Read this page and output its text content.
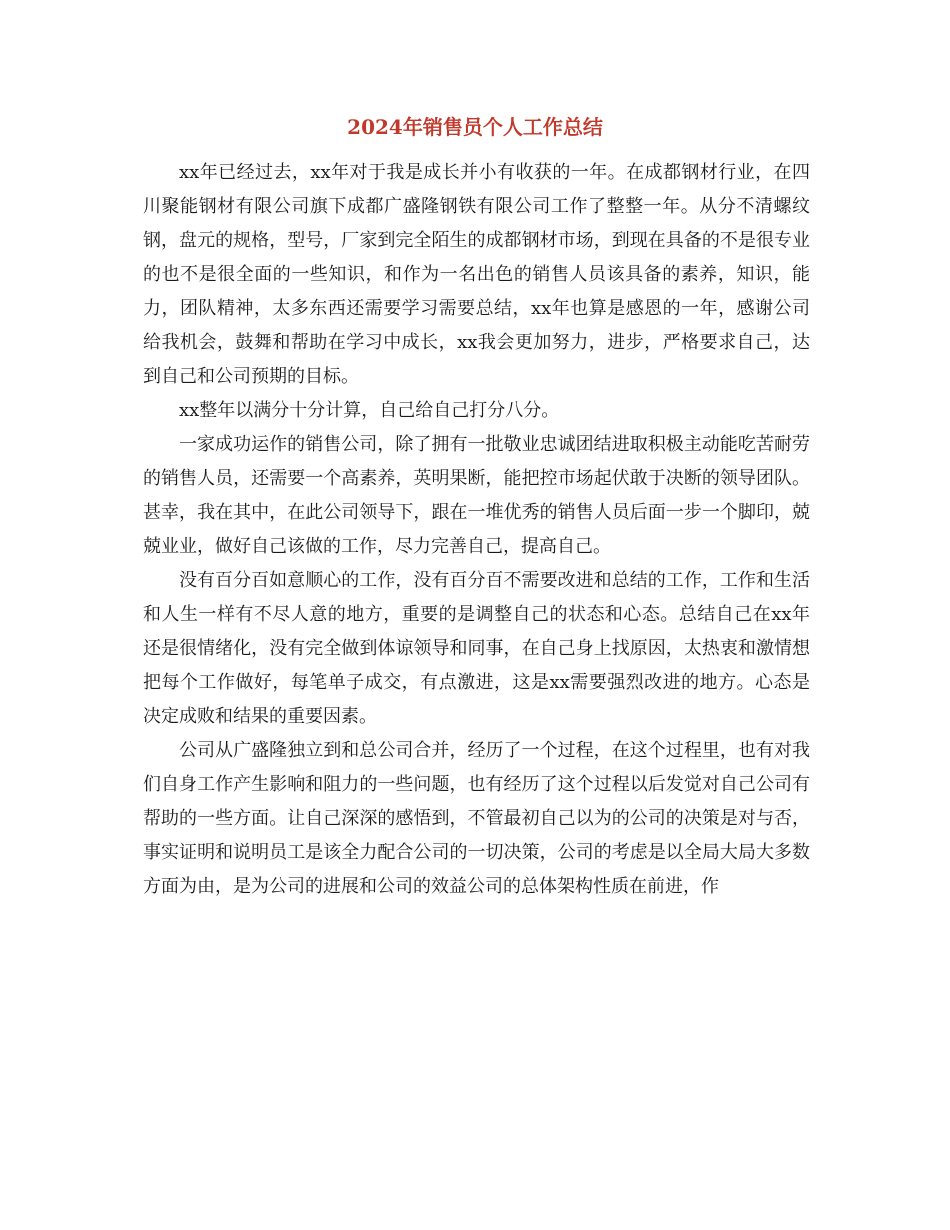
2024年销售员个人工作总结

xx年已经过去，xx年对于我是成长并小有收获的一年。在成都钢材行业，在四川聚能钢材有限公司旗下成都广盛隆钢铁有限公司工作了整整一年。从分不清螺纹钢，盘元的规格，型号，厂家到完全陌生的成都钢材市场，到现在具备的不是很专业的也不是很全面的一些知识，和作为一名出色的销售人员该具备的素养，知识，能力，团队精神，太多东西还需要学习需要总结，xx年也算是感恩的一年，感谢公司给我机会，鼓舞和帮助在学习中成长，xx我会更加努力，进步，严格要求自己，达到自己和公司预期的目标。

xx整年以满分十分计算，自己给自己打分八分。

一家成功运作的销售公司，除了拥有一批敬业忠诚团结进取积极主动能吃苦耐劳的销售人员，还需要一个高素养，英明果断，能把控市场起伏敢于决断的领导团队。甚幸，我在其中，在此公司领导下，跟在一堆优秀的销售人员后面一步一个脚印，兢兢业业，做好自己该做的工作，尽力完善自己，提高自己。

没有百分百如意顺心的工作，没有百分百不需要改进和总结的工作，工作和生活和人生一样有不尽人意的地方，重要的是调整自己的状态和心态。总结自己在xx年还是很情绪化，没有完全做到体谅领导和同事，在自己身上找原因，太热衷和激情想把每个工作做好，每笔单子成交，有点激进，这是xx需要强烈改进的地方。心态是决定成败和结果的重要因素。

公司从广盛隆独立到和总公司合并，经历了一个过程，在这个过程里，也有对我们自身工作产生影响和阻力的一些问题，也有经历了这个过程以后发觉对自己公司有帮助的一些方面。让自己深深的感悟到，不管最初自己以为的公司的决策是对与否，事实证明和说明员工是该全力配合公司的一切决策，公司的考虑是以全局大局大多数方面为由，是为公司的进展和公司的效益公司的总体架构性质在前进，作
